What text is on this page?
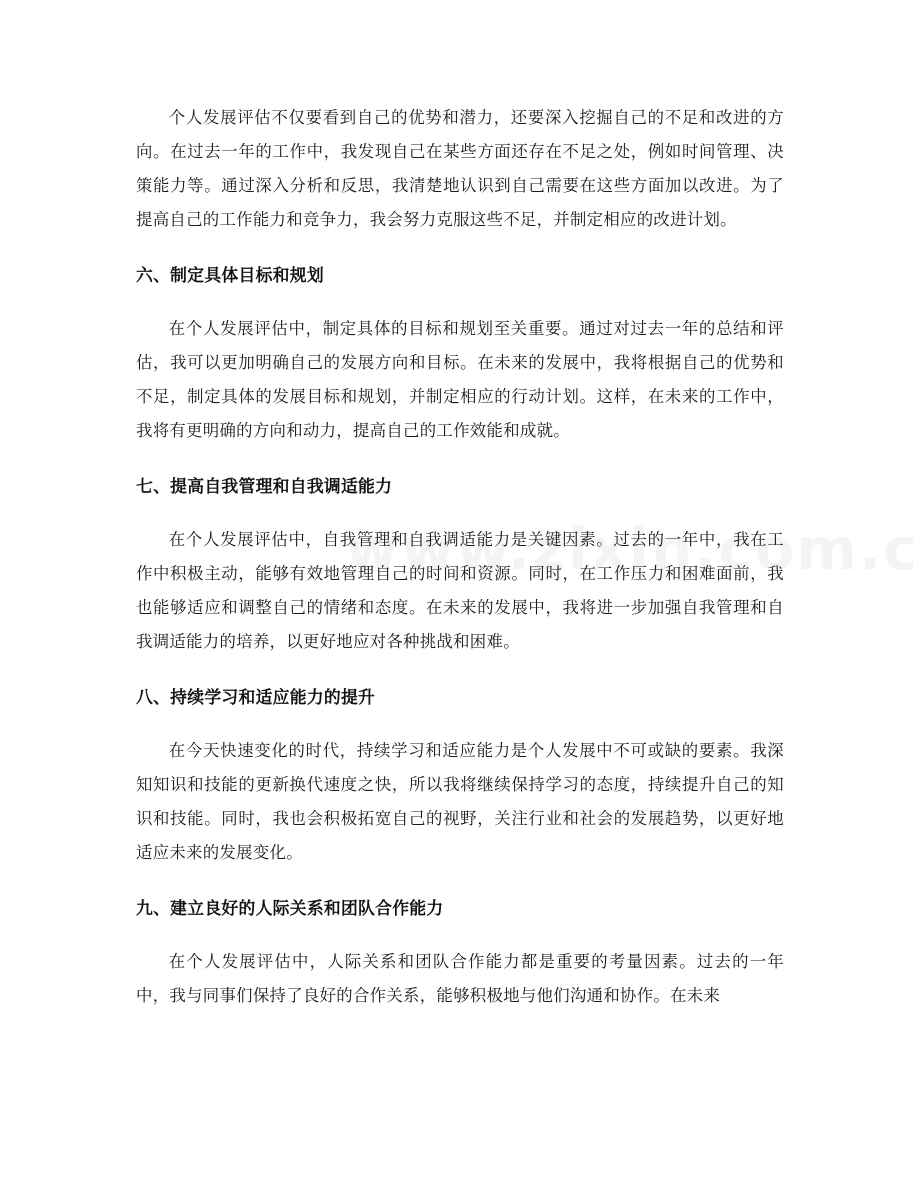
个人发展评估不仅要看到自己的优势和潜力，还要深入挖掘自己的不足和改进的方向。在过去一年的工作中，我发现自己在某些方面还存在不足之处，例如时间管理、决策能力等。通过深入分析和反思，我清楚地认识到自己需要在这些方面加以改进。为了提高自己的工作能力和竞争力，我会努力克服这些不足，并制定相应的改进计划。

六、制定具体目标和规划

在个人发展评估中，制定具体的目标和规划至关重要。通过对过去一年的总结和评估，我可以更加明确自己的发展方向和目标。在未来的发展中，我将根据自己的优势和不足，制定具体的发展目标和规划，并制定相应的行动计划。这样，在未来的工作中，我将有更明确的方向和动力，提高自己的工作效能和成就。

七、提高自我管理和自我调适能力

在个人发展评估中，自我管理和自我调适能力是关键因素。过去的一年中，我在工作中积极主动，能够有效地管理自己的时间和资源。同时，在工作压力和困难面前，我也能够适应和调整自己的情绪和态度。在未来的发展中，我将进一步加强自我管理和自我调适能力的培养，以更好地应对各种挑战和困难。

八、持续学习和适应能力的提升

在今天快速变化的时代，持续学习和适应能力是个人发展中不可或缺的要素。我深知知识和技能的更新换代速度之快，所以我将继续保持学习的态度，持续提升自己的知识和技能。同时，我也会积极拓宽自己的视野，关注行业和社会的发展趋势，以更好地适应未来的发展变化。

九、建立良好的人际关系和团队合作能力

在个人发展评估中，人际关系和团队合作能力都是重要的考量因素。过去的一年中，我与同事们保持了良好的合作关系，能够积极地与他们沟通和协作。在未来
